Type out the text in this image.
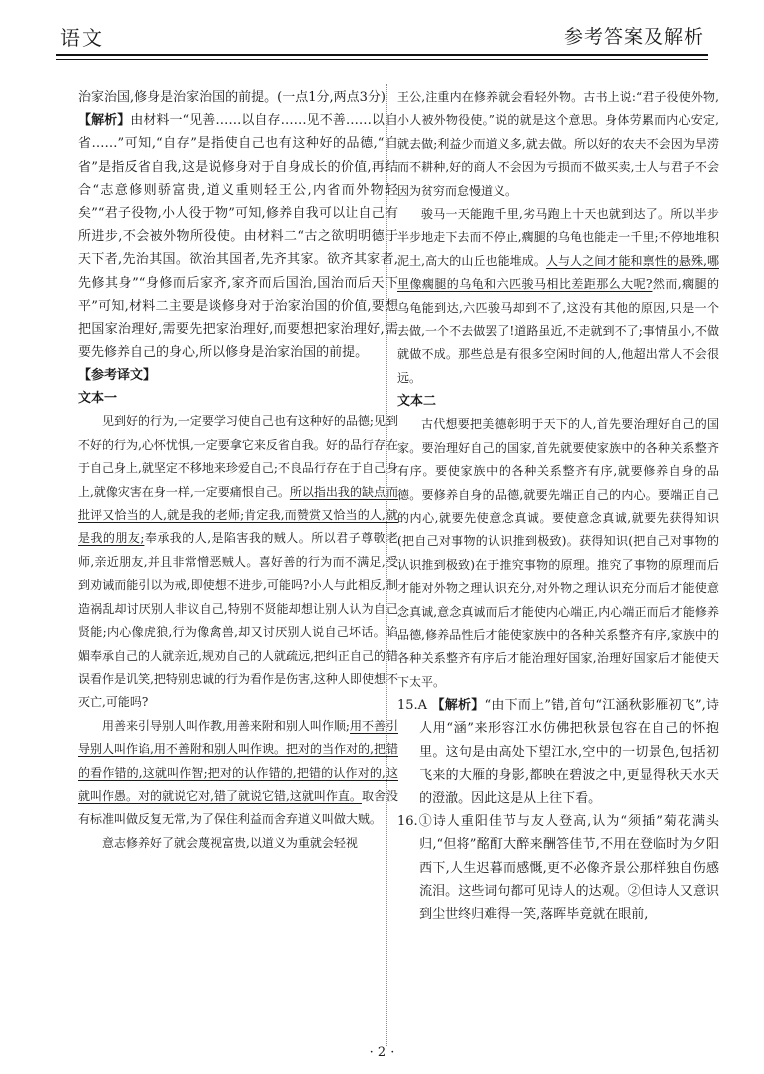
语文	参考答案及解析

治家治国,修身是治家治国的前提。(一点1分,两点3分)

【解析】由材料一“见善……以自存……见不善……以自省……”可知,“自存”是指使自己也有这种好的品德,“自省”是指反省自我,这是说修身对于自身成长的价值,再结合“志意修则骄富贵,道义重则轻王公,内省而外物轻矣”“君子役物,小人役于物”可知,修养自我可以让自己有所进步,不会被外物所役使。由材料二“古之欲明明德于天下者,先治其国。欲治其国者,先齐其家。欲齐其家者,先修其身”“身修而后家齐,家齐而后国治,国治而后天下平”可知,材料二主要是谈修身对于治家治国的价值,要想把国家治理好,需要先把家治理好,而要想把家治理好,需要先修养自己的身心,所以修身是治家治国的前提。

【参考译文】

文本一

见到好的行为,一定要学习使自己也有这种好的品德;见到不好的行为,心怀忧惧,一定要拿它来反省自我。好的品行存在于自己身上,就坚定不移地来珍爱自己;不良品行存在于自己身上,就像灾害在身一样,一定要痛恨自己。所以指出我的缺点而批评又恰当的人,就是我的老师;肯定我,而赞赏又恰当的人,就是我的朋友;奉承我的人,是陷害我的贼人。所以君子尊敬老师,亲近朋友,并且非常憎恶贼人。喜好善的行为而不满足,受到劝诫而能引以为戒,即使想不进步,可能吗?小人与此相反,制造祸乱却讨厌别人非议自己,特别不贤能却想让别人认为自己贤能;内心像虎狼,行为像禽兽,却又讨厌别人说自己坏话。谄媚奉承自己的人就亲近,规劝自己的人就疏远,把纠正自己的错误看作是讥笑,把特别忠诚的行为看作是伤害,这种人即使想不灭亡,可能吗?

用善来引导别人叫作教,用善来附和别人叫作顺;用不善引导别人叫作谄,用不善附和别人叫作谀。把对的当作对的,把错的看作错的,这就叫作智;把对的认作错的,把错的认作对的,这就叫作愚。对的就说它对,错了就说它错,这就叫作直。取舍没有标准叫做反复无常,为了保住利益而舍弃道义叫做大贼。

意志修养好了就会蔑视富贵,以道义为重就会轻视

王公,注重内在修养就会看轻外物。古书上说:“君子役使外物,小人被外物役使。”说的就是这个意思。身体劳累而内心安定,就去做;利益少而道义多,就去做。所以好的农夫不会因为旱涝而不耕种,好的商人不会因为亏损而不做买卖,士人与君子不会因为贫穷而怠慢道义。

骏马一天能跑千里,劣马跑上十天也就到达了。所以半步半步地走下去而不停止,瘸腿的乌龟也能走一千里;不停地堆积泥土,高大的山丘也能堆成。人与人之间才能和禀性的悬殊,哪里像瘸腿的乌龟和六匹骏马相比差距那么大呢?然而,瘸腿的乌龟能到达,六匹骏马却到不了,这没有其他的原因,只是一个去做,一个不去做罢了!道路虽近,不走就到不了;事情虽小,不做就做不成。那些总是有很多空闲时间的人,他超出常人不会很远。

文本二

古代想要把美德彰明于天下的人,首先要治理好自己的国家。要治理好自己的国家,首先就要使家族中的各种关系整齐有序。要使家族中的各种关系整齐有序,就要修养自身的品德。要修养自身的品德,就要先端正自己的内心。要端正自己的内心,就要先使意念真诚。要使意念真诚,就要先获得知识(把自己对事物的认识推到极致)。获得知识(把自己对事物的认识推到极致)在于推究事物的原理。推究了事物的原理而后才能对外物之理认识充分,对外物之理认识充分而后才能使意念真诚,意念真诚而后才能使内心端正,内心端正而后才能修养品德,修养品性后才能使家族中的各种关系整齐有序,家族中的各种关系整齐有序后才能治理好国家,治理好国家后才能使天下太平。

15.A 【解析】“由下而上”错,首句“江涵秋影雁初飞”,诗人用“涵”来形容江水仿佛把秋景包容在自己的怀抱里。这句是由高处下望江水,空中的一切景色,包括初飞来的大雁的身影,都映在碧波之中,更显得秋天水天的澄澈。因此这是从上往下看。

16.①诗人重阳佳节与友人登高,认为“须插”菊花满头归,“但将”酩酊大醉来酬答佳节,不用在登临时为夕阳西下,人生迟暮而感慨,更不必像齐景公那样独自伤感流泪。这些词句都可见诗人的达观。②但诗人又意识到尘世终归难得一笑,落晖毕竟就在眼前,

· 2 ·
